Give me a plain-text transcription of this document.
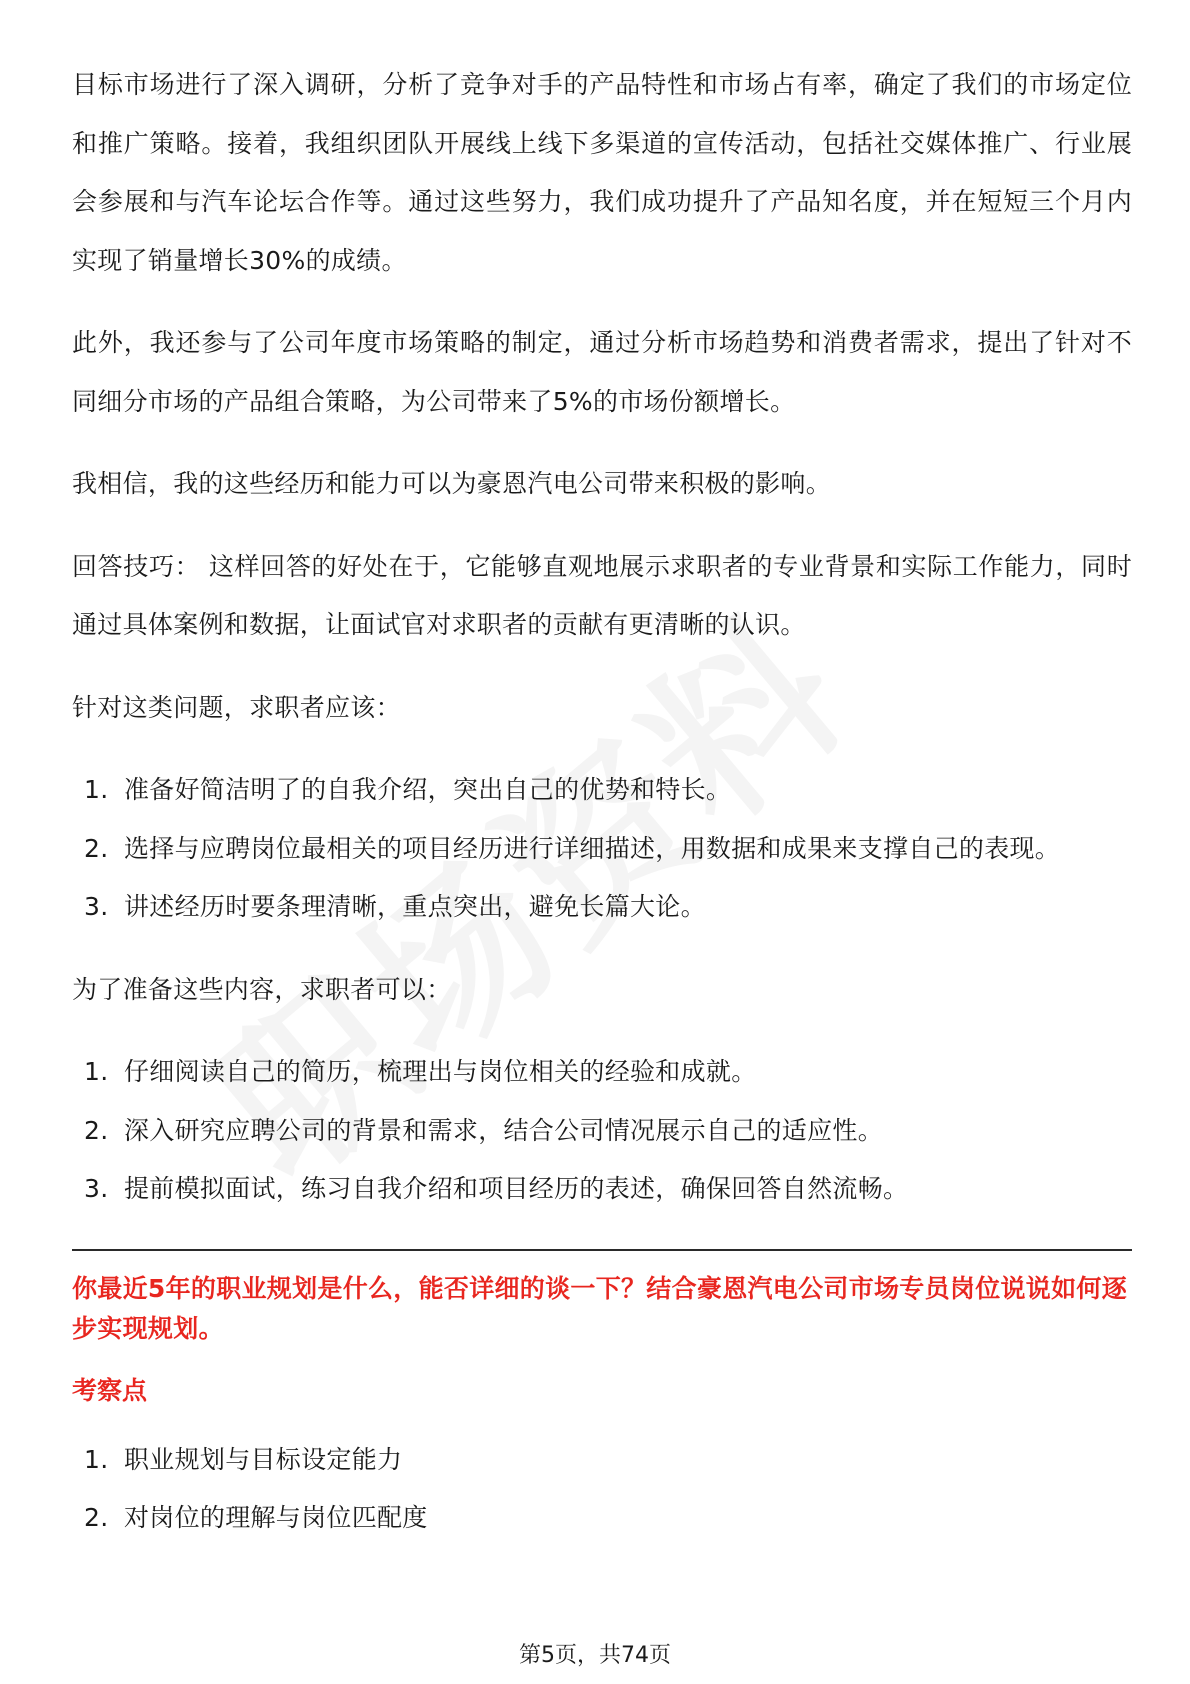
目标市场进行了深入调研，分析了竞争对手的产品特性和市场占有率，确定了我们的市场定位和推广策略。接着，我组织团队开展线上线下多渠道的宣传活动，包括社交媒体推广、行业展会参展和与汽车论坛合作等。通过这些努力，我们成功提升了产品知名度，并在短短三个月内实现了销量增长30%的成绩。

此外，我还参与了公司年度市场策略的制定，通过分析市场趋势和消费者需求，提出了针对不同细分市场的产品组合策略，为公司带来了5%的市场份额增长。

我相信，我的这些经历和能力可以为豪恩汽电公司带来积极的影响。

回答技巧： 这样回答的好处在于，它能够直观地展示求职者的专业背景和实际工作能力，同时通过具体案例和数据，让面试官对求职者的贡献有更清晰的认识。

针对这类问题，求职者应该：

1. 准备好简洁明了的自我介绍，突出自己的优势和特长。
2. 选择与应聘岗位最相关的项目经历进行详细描述，用数据和成果来支撑自己的表现。
3. 讲述经历时要条理清晰，重点突出，避免长篇大论。

为了准备这些内容，求职者可以：

1. 仔细阅读自己的简历，梳理出与岗位相关的经验和成就。
2. 深入研究应聘公司的背景和需求，结合公司情况展示自己的适应性。
3. 提前模拟面试，练习自我介绍和项目经历的表述，确保回答自然流畅。
你最近5年的职业规划是什么，能否详细的谈一下？结合豪恩汽电公司市场专员岗位说说如何逐步实现规划。
考察点
1. 职业规划与目标设定能力
2. 对岗位的理解与岗位匹配度
第5页，共74页
